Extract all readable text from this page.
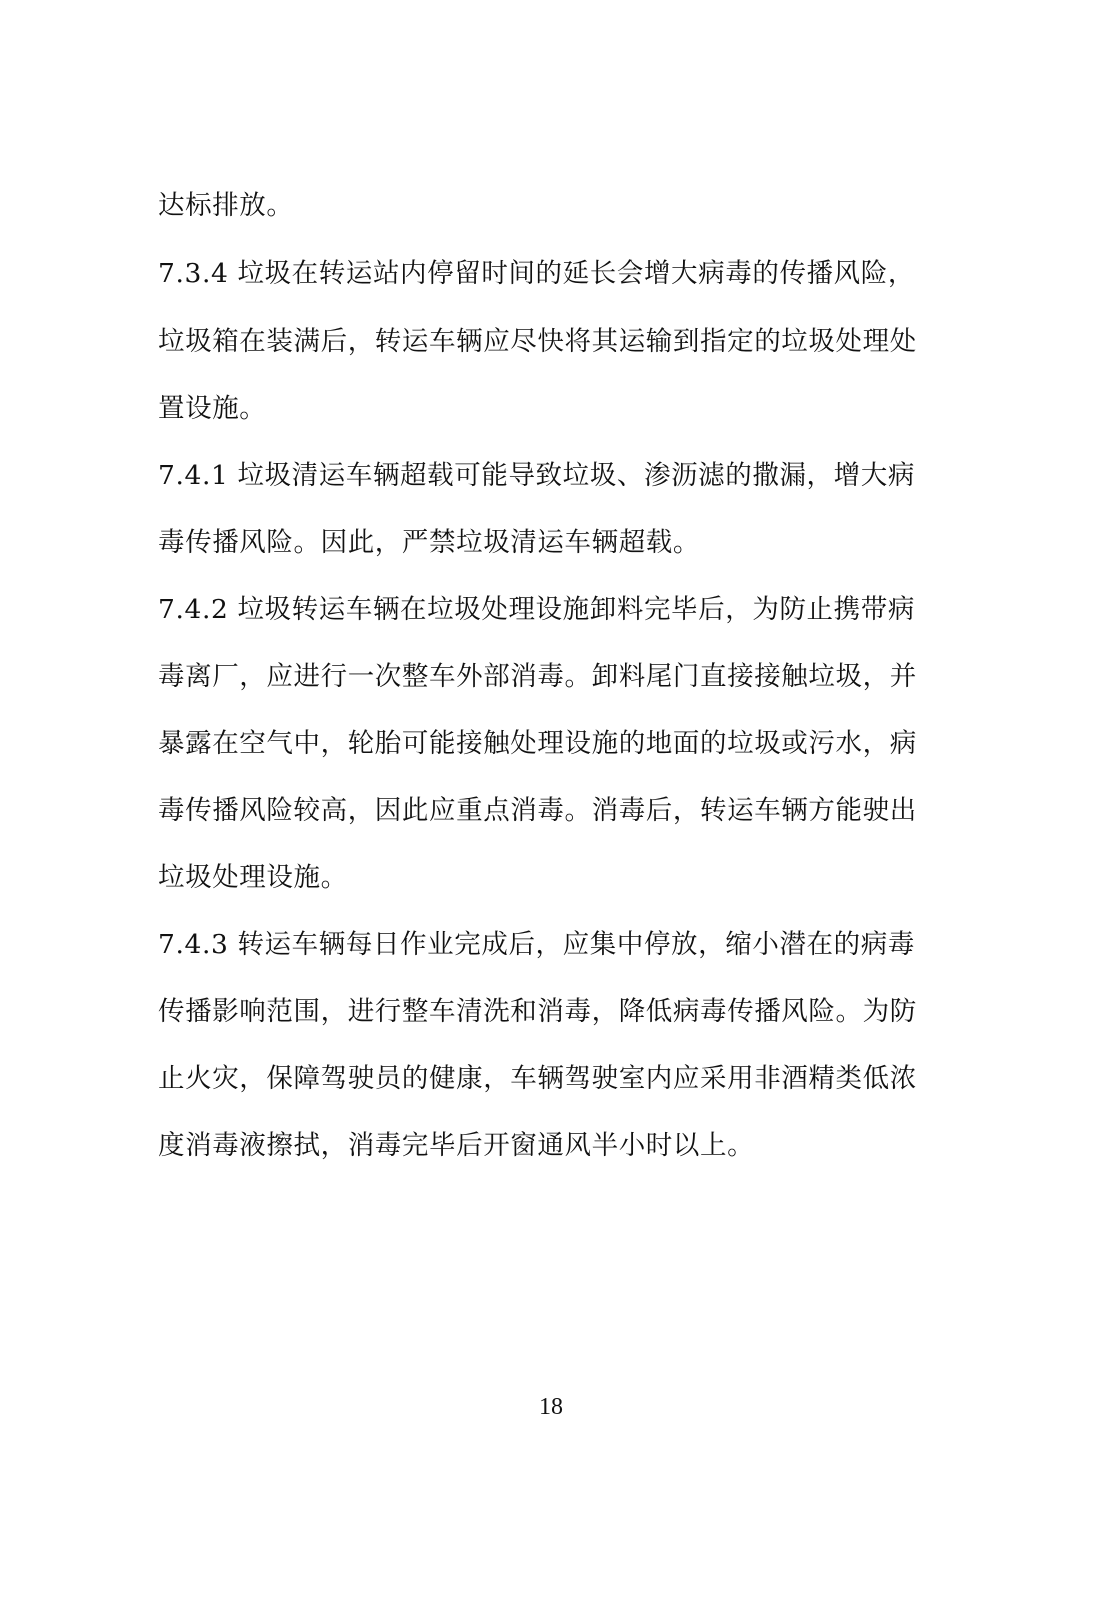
达标排放。

7.3.4 垃圾在转运站内停留时间的延长会增大病毒的传播风险，

垃圾箱在装满后，转运车辆应尽快将其运输到指定的垃圾处理处

置设施。

7.4.1 垃圾清运车辆超载可能导致垃圾、渗沥滤的撒漏，增大病

毒传播风险。因此，严禁垃圾清运车辆超载。

7.4.2 垃圾转运车辆在垃圾处理设施卸料完毕后，为防止携带病

毒离厂，应进行一次整车外部消毒。卸料尾门直接接触垃圾，并

暴露在空气中，轮胎可能接触处理设施的地面的垃圾或污水，病

毒传播风险较高，因此应重点消毒。消毒后，转运车辆方能驶出

垃圾处理设施。

7.4.3 转运车辆每日作业完成后，应集中停放，缩小潜在的病毒

传播影响范围，进行整车清洗和消毒，降低病毒传播风险。为防

止火灾，保障驾驶员的健康，车辆驾驶室内应采用非酒精类低浓

度消毒液擦拭，消毒完毕后开窗通风半小时以上。

18
